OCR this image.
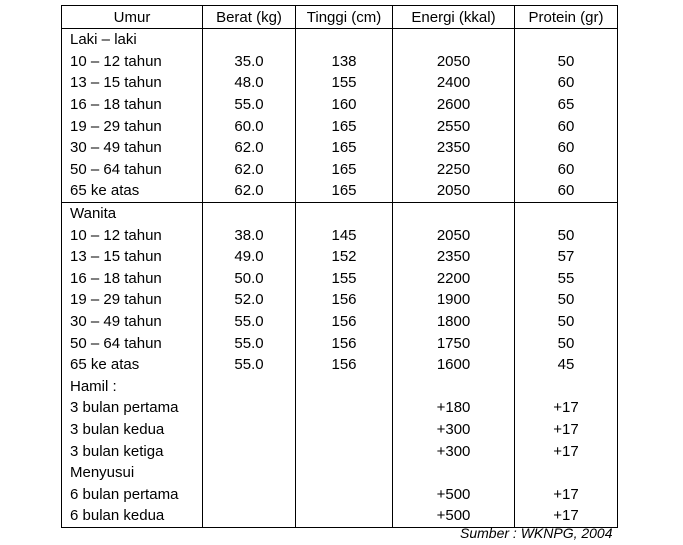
Umur	Berat (kg)	Tinggi (cm)	Energi (kkal)	Protein (gr)
Laki – laki				
10 – 12 tahun	35.0	138	2050	50
13 – 15 tahun	48.0	155	2400	60
16 – 18 tahun	55.0	160	2600	65
19 – 29 tahun	60.0	165	2550	60
30 – 49 tahun	62.0	165	2350	60
50 – 64 tahun	62.0	165	2250	60
65 ke atas	62.0	165	2050	60
Wanita				
10 – 12 tahun	38.0	145	2050	50
13 – 15 tahun	49.0	152	2350	57
16 – 18 tahun	50.0	155	2200	55
19 – 29 tahun	52.0	156	1900	50
30 – 49 tahun	55.0	156	1800	50
50 – 64 tahun	55.0	156	1750	50
65 ke atas	55.0	156	1600	45
Hamil :				
3 bulan pertama			+180	+17
3 bulan kedua			+300	+17
3 bulan ketiga			+300	+17
Menyusui				
6 bulan pertama			+500	+17
6 bulan kedua			+500	+17
Sumber : WKNPG, 2004
